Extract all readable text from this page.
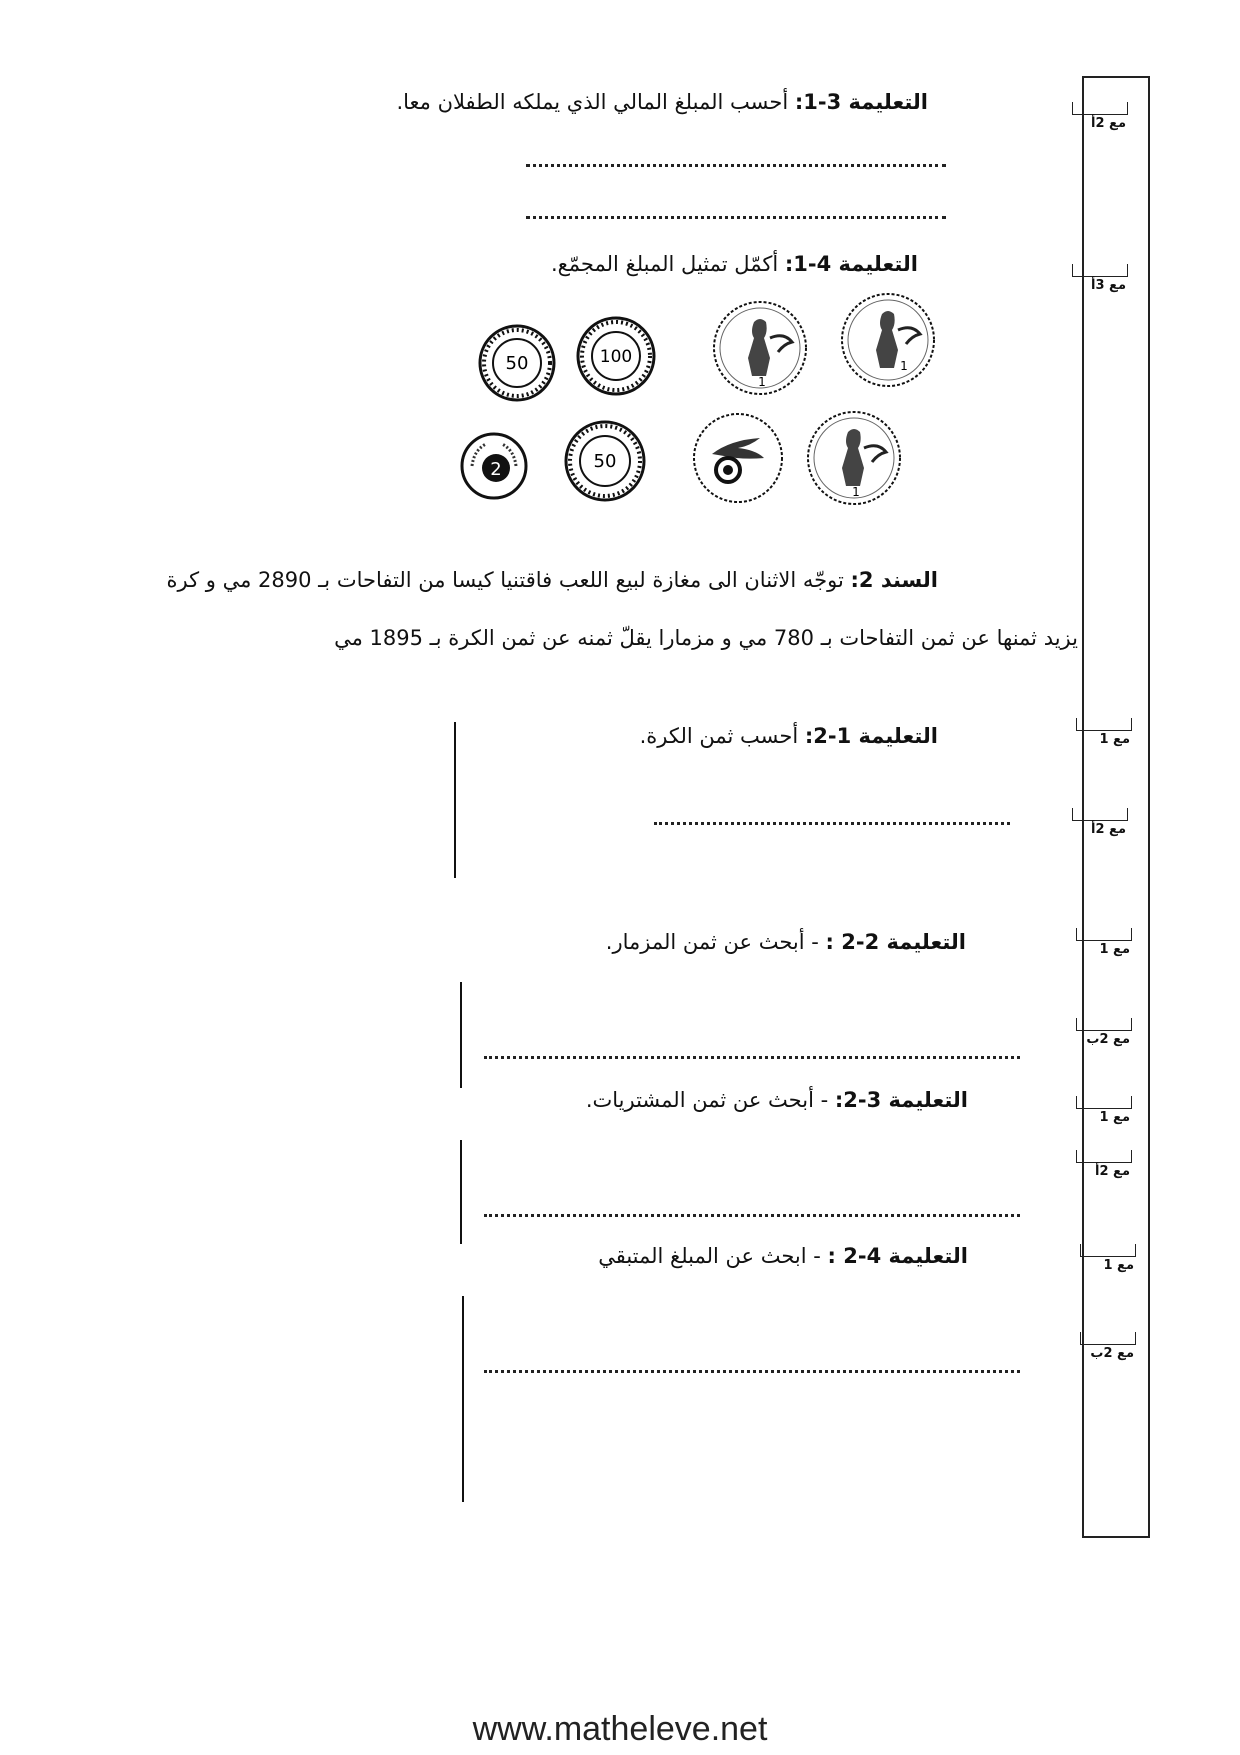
مع 2أ
مع 3أ
مع 1
مع 2أ
مع 1
مع 2ب
مع 1
مع 2أ
مع 1
مع 2ب
التعليمة 3-1: أحسب المبلغ المالي الذي يملكه الطفلان معا.
التعليمة 4-1: أكمّل تمثيل المبلغ المجمّع.
50	100
1
1
2	50
1
السند 2: توجّه الاثنان الى مغازة لبيع اللعب فاقتنيا كيسا من التفاحات بـ 2890 مي و كرة
يزيد ثمنها عن ثمن التفاحات بـ 780 مي و مزمارا يقلّ ثمنه عن ثمن الكرة بـ 1895 مي
التعليمة 1-2: أحسب ثمن الكرة.
التعليمة 2-2 : - أبحث عن ثمن المزمار.
التعليمة 3-2: - أبحث عن ثمن المشتريات.
التعليمة 4-2 : - ابحث عن المبلغ المتبقي
www.matheleve.net
